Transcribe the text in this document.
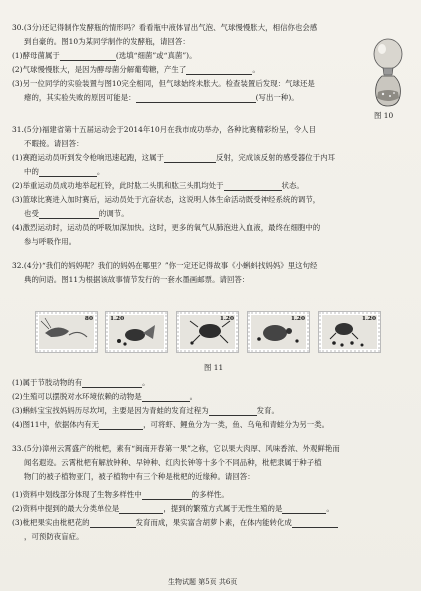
30.(3分)还记得制作发酵瓶的情形吗？看看瓶中液体冒出气泡、气球慢慢胀大，相信你也会感
到自豪的。图10为某同学制作的发酵瓶，请回答：
(1)酵母菌属于	(选填“细菌”或“真菌”)。
(2)气球慢慢胀大，是因为酵母菌分解葡萄糖，产生了	。
(3)另一位同学的实验装置与图10完全相同，但气球始终未胀大。检查装置后发现：气球还是
瘪的，其实验失败的原因可能是：	(写出一种)。
图 10
31.(5分)福建省第十五届运动会于2014年10月在我市成功举办，各种比赛精彩纷呈，令人目
不暇接。请回答：
(1)赛跑运动员听到发令枪响迅速起跑，这属于	反射，完成该反射的感受器位于内耳
中的	。
(2)举重运动员成功地举起杠铃，此时肱二头肌和肱三头肌均处于	状态。
(3)篮球比赛进入加时赛后，运动员处于亢奋状态，这说明人体生命活动既受神经系统的调节，
也受	的调节。
(4)激烈运动时，运动员的呼吸加深加快。这时，更多的氧气从肺泡进入血液，最终在细胞中的
参与呼吸作用。
32.(4分)“我们的妈妈呢？我们的妈妈在哪里？”你一定还记得故事《小蝌蚪找妈妈》里这句经
典的问语。图11为根据该故事情节发行的一套水墨画邮票。请回答：
80	1.20	1.20	1.20	1.20
图 11
(1)属于节肢动物的有	。
(2)生殖可以摆脱对水环境依赖的动物是	。
(3)蝌蚪宝宝找妈妈历尽坎坷，主要是因为青蛙的发育过程为	发育。
(4)图11中，依据体内有无	，可将虾、鲤鱼分为一类，鱼、乌龟和青蛙分为另一类。
33.(5分)漳州云霄盛产的枇杷，素有“闽南开春第一果”之称，它以果大肉厚、风味香浓、外观鲜艳而
闻名遐迩。云霄枇杷有解放钟种、早钟种、红肉长钟等十多个不同品种，枇杷隶属于种子植
物门的被子植物亚门，被子植物中有三个种是枇杷的近缘种。请回答：
(1)资料中划线部分体现了生物多样性中	的多样性。
(2)资料中提到的最大分类单位是	，提到的繁殖方式属于无性生殖的是	。
(3)枇杷果实由枇杷花的	发育而成，果实富含胡萝卜素，在体内能转化成
，可预防夜盲症。
生物试题 第5页 共6页
